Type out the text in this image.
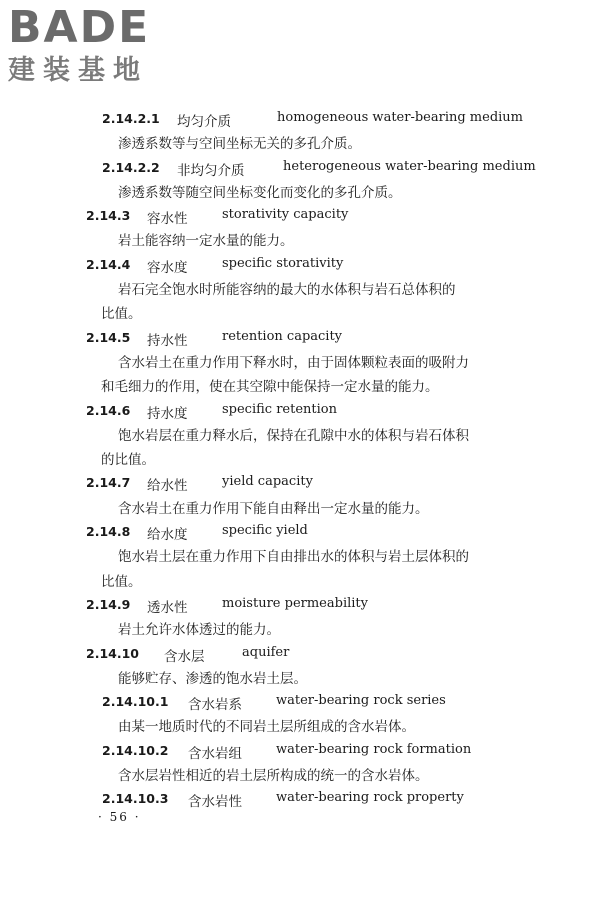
BADE
建装基地
2.14.2.1 均匀介质	homogeneous water-bearing medium
渗透系数等与空间坐标无关的多孔介质。
2.14.2.2 非均匀介质	heterogeneous water-bearing medium
渗透系数等随空间坐标变化而变化的多孔介质。
2.14.3 容水性	storativity capacity
岩土能容纳一定水量的能力。
2.14.4 容水度	specific storativity
岩石完全饱水时所能容纳的最大的水体积与岩石总体积的
比值。
2.14.5 持水性	retention capacity
含水岩土在重力作用下释水时，由于固体颗粒表面的吸附力
和毛细力的作用，使在其空隙中能保持一定水量的能力。
2.14.6 持水度	specific retention
饱水岩层在重力释水后，保持在孔隙中水的体积与岩石体积
的比值。
2.14.7 给水性	yield capacity
含水岩土在重力作用下能自由释出一定水量的能力。
2.14.8 给水度	specific yield
饱水岩土层在重力作用下自由排出水的体积与岩土层体积的
比值。
2.14.9 透水性	moisture permeability
岩土允许水体透过的能力。
2.14.10 含水层	aquifer
能够贮存、渗透的饱水岩土层。
2.14.10.1 含水岩系	water-bearing rock series
由某一地质时代的不同岩土层所组成的含水岩体。
2.14.10.2 含水岩组	water-bearing rock formation
含水层岩性相近的岩土层所构成的统一的含水岩体。
2.14.10.3 含水岩性	water-bearing rock property
· 56 ·
